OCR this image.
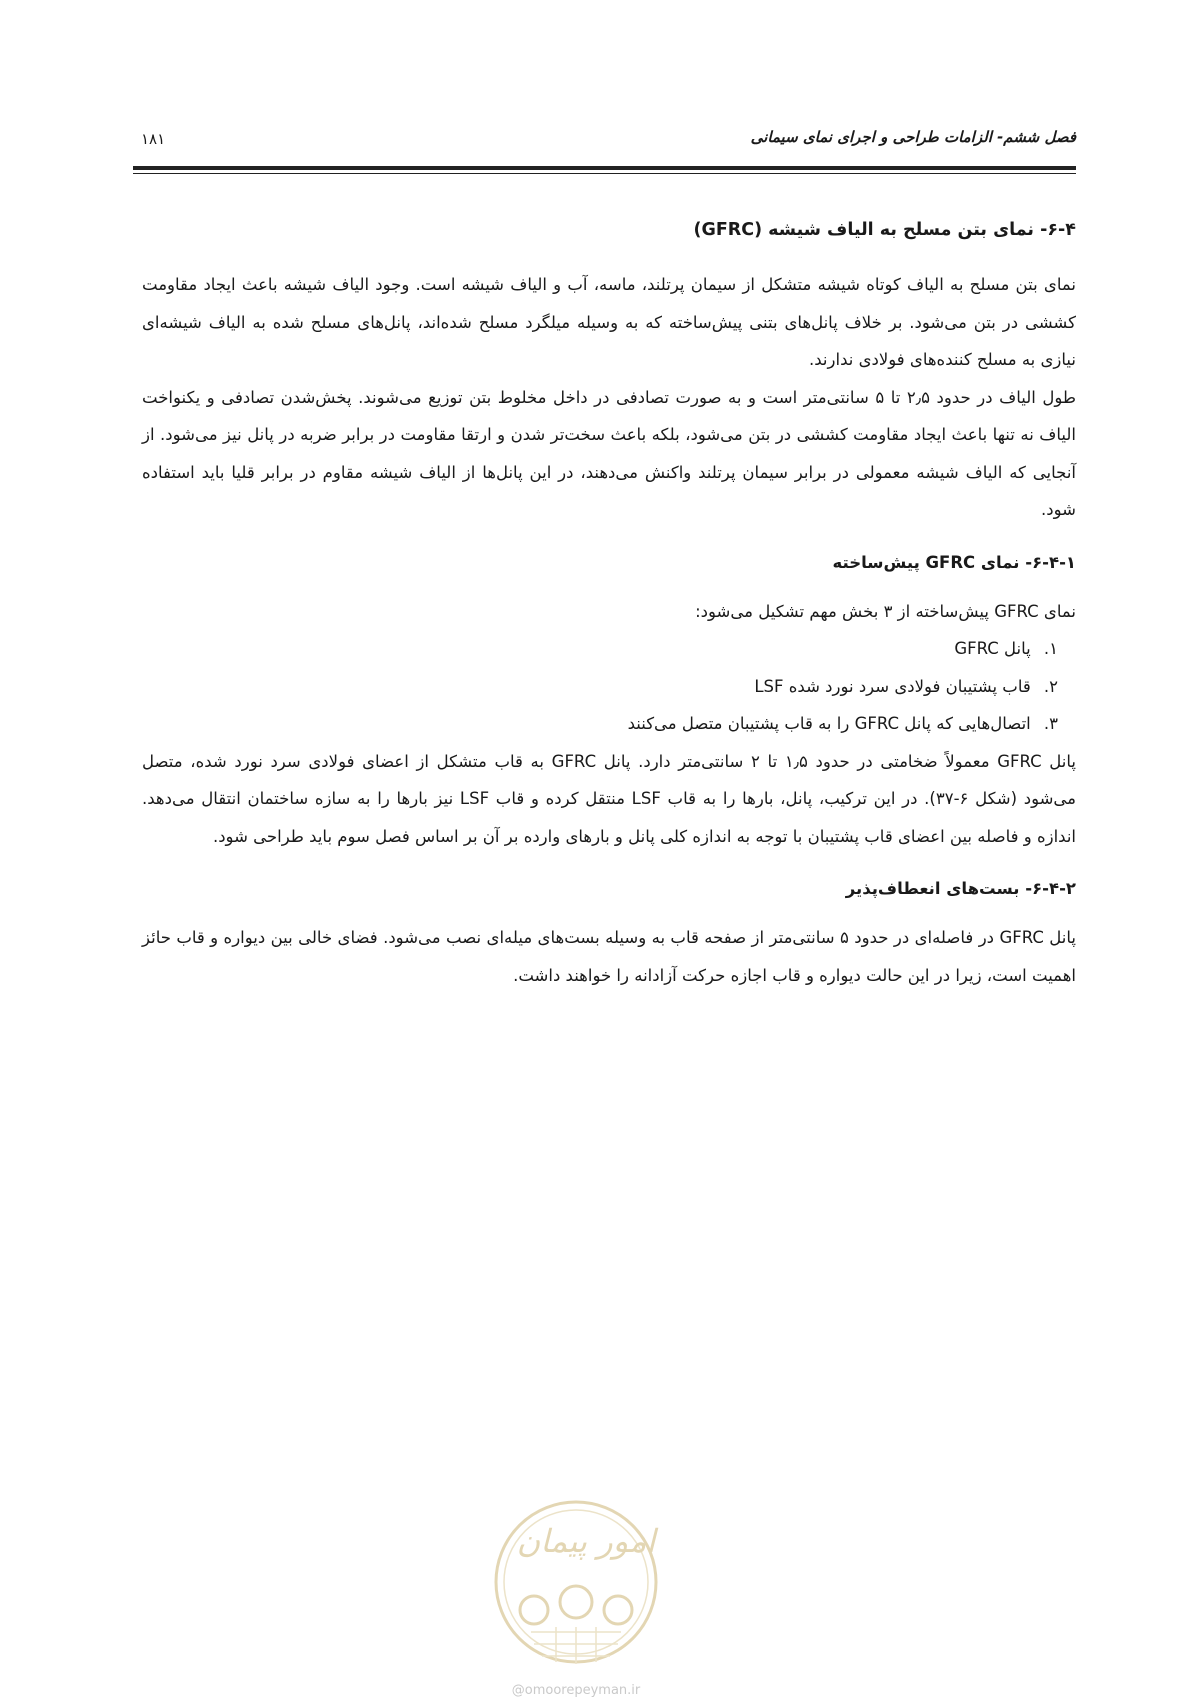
فصل ششم- الزامات طراحی و اجرای نمای سیمانی
۱۸۱
۶-۴- نمای بتن مسلح به الیاف شیشه (GFRC)

نمای بتن مسلح به الیاف کوتاه شیشه متشکل از سیمان پرتلند، ماسه، آب و الیاف شیشه است. وجود الیاف شیشه باعث ایجاد مقاومت کششی در بتن می‌شود. بر خلاف پانل‌های بتنی پیش‌ساخته که به وسیله میلگرد مسلح شده‌اند، پانل‌های مسلح شده به الیاف شیشه‌ای نیازی به مسلح کننده‌های فولادی ندارند.

طول الیاف در حدود ۲٫۵ تا ۵ سانتی‌متر است و به صورت تصادفی در داخل مخلوط بتن توزیع می‌شوند. پخش‌شدن تصادفی و یکنواخت الیاف نه تنها باعث ایجاد مقاومت کششی در بتن می‌شود، بلکه باعث سخت‌تر شدن و ارتقا مقاومت در برابر ضربه در پانل نیز می‌شود. از آنجایی که الیاف شیشه معمولی در برابر سیمان پرتلند واکنش می‌دهند، در این پانل‌ها از الیاف شیشه مقاوم در برابر قلیا باید استفاده شود.

۶-۴-۱- نمای GFRC پیش‌ساخته

نمای GFRC پیش‌ساخته از ۳ بخش مهم تشکیل می‌شود:

۱. پانل GFRC
۲. قاب پشتیبان فولادی سرد نورد شده LSF
۳. اتصال‌هایی که پانل GFRC را به قاب پشتیبان متصل می‌کنند

پانل GFRC معمولاً ضخامتی در حدود ۱٫۵ تا ۲ سانتی‌متر دارد. پانل GFRC به قاب متشکل از اعضای فولادی سرد نورد شده، متصل می‌شود (شکل ۶-۳۷). در این ترکیب، پانل، بارها را به قاب LSF منتقل کرده و قاب LSF نیز بارها را به سازه ساختمان انتقال می‌دهد. اندازه و فاصله بین اعضای قاب پشتیبان با توجه به اندازه کلی پانل و بارهای وارده بر آن بر اساس فصل سوم باید طراحی شود.

۶-۴-۲- بست‌های انعطاف‌پذیر

پانل GFRC در فاصله‌ای در حدود ۵ سانتی‌متر از صفحه قاب به وسیله بست‌های میله‌ای نصب می‌شود. فضای خالی بین دیواره و قاب حائز اهمیت است، زیرا در این حالت دیواره و قاب اجازه حرکت آزادانه را خواهند داشت.

امور پیمان
@omoorepeyman.ir
